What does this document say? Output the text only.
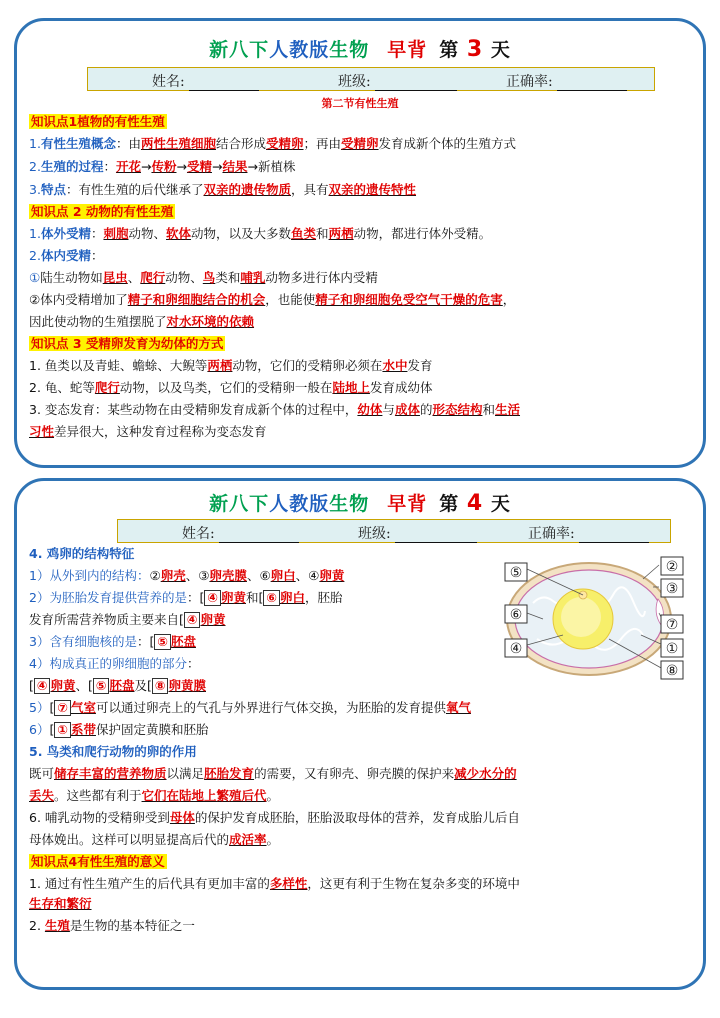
新八下人教版生物 早背 第 3 天
姓名:	班级:	正确率:
第二节有性生殖
知识点1植物的有性生殖
1.有性生殖概念：由两性生殖细胞结合形成受精卵；再由受精卵发育成新个体的生殖方式
2.生殖的过程：开花→传粉→受精→结果→新植株
3.特点：有性生殖的后代继承了双亲的遗传物质，具有双亲的遗传特性
知识点 2 动物的有性生殖
1.体外受精：刺胞动物、软体动物，以及大多数鱼类和两栖动物，都进行体外受精。
2.体内受精：
①陆生动物如昆虫、爬行动物、鸟类和哺乳动物多进行体内受精
②体内受精增加了精子和卵细胞结合的机会，也能使精子和卵细胞免受空气干燥的危害，
因此使动物的生殖摆脱了对水环境的依赖
知识点 3 受精卵发育为幼体的方式
1. 鱼类以及青蛙、蟾蜍、大鲵等两栖动物，它们的受精卵必须在水中发育
2. 龟、蛇等爬行动物，以及鸟类，它们的受精卵一般在陆地上发育成幼体
3. 变态发育：某些动物在由受精卵发育成新个体的过程中，幼体与成体的形态结构和生活
习性差异很大，这种发育过程称为变态发育
新八下人教版生物 早背 第 4 天
姓名:	班级:	正确率:
4. 鸡卵的结构特征
1）从外到内的结构：②卵壳、③卵壳膜、⑥卵白、④卵黄
2）为胚胎发育提供营养的是：[ ④ 卵黄和[ ⑥ 卵白，胚胎
发育所需营养物质主要来自[ ④ 卵黄
3）含有细胞核的是：[ ⑤ 胚盘
4）构成真正的卵细胞的部分：
[ ④ 卵黄、[ ⑤ 胚盘及[ ⑧ 卵黄膜
5）[ ⑦ 气室可以通过卵壳上的气孔与外界进行气体交换，为胚胎的发育提供氧气
6）[ ① 系带保护固定黄膜和胚胎
5. 鸟类和爬行动物的卵的作用
既可储存丰富的营养物质以满足胚胎发育的需要，又有卵壳、卵壳膜的保护来减少水分的
丢失。这些都有利于它们在陆地上繁殖后代。
6. 哺乳动物的受精卵受到母体的保护发育成胚胎，胚胎汲取母体的营养，发育成胎儿后自
母体娩出。这样可以明显提高后代的成活率。
知识点4有性生殖的意义
1. 通过有性生殖产生的后代具有更加丰富的多样性，这更有利于生物在复杂多变的环境中
生存和繁衍
2. 生殖是生物的基本特征之一
⑤	②
③
⑥
⑦
④	①
⑧
